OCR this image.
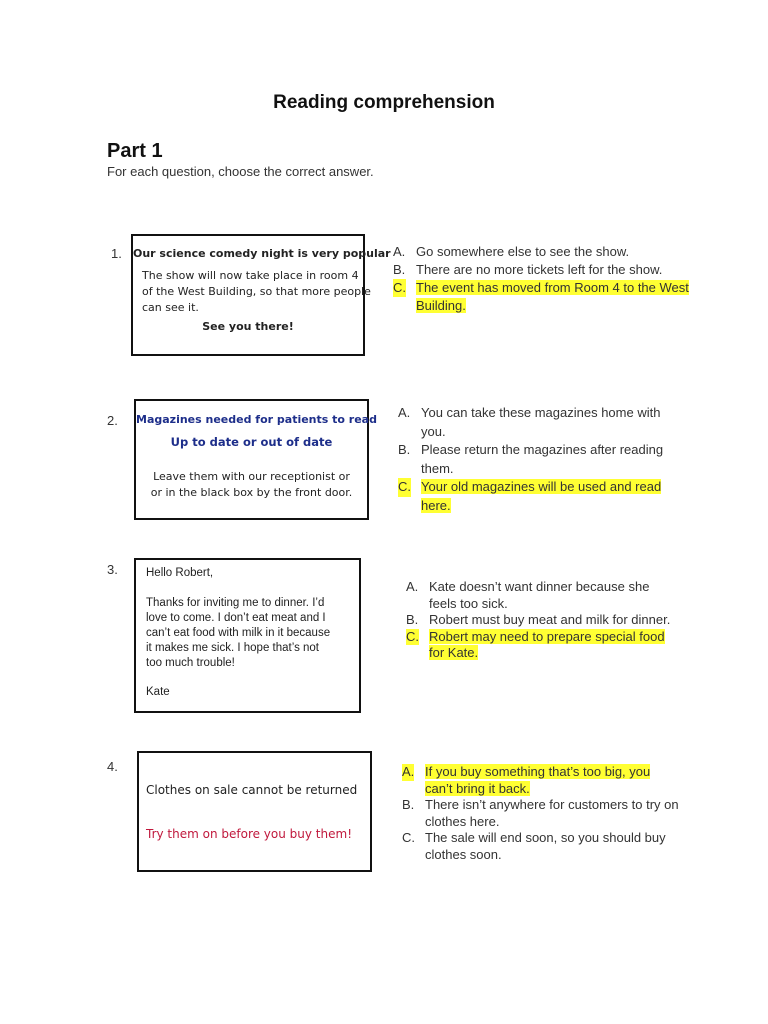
Reading comprehension
Part 1
For each question, choose the correct answer.
1. Our science comedy night is very popular
The show will now take place in room 4
of the West Building, so that more people
can see it.
See you there!
A. Go somewhere else to see the show.
B. There are no more tickets left for the show.
C. The event has moved from Room 4 to the West
Building.
2. Magazines needed for patients to read
Up to date or out of date
Leave them with our receptionist or
or in the black box by the front door.
A. You can take these magazines home with
you.
B. Please return the magazines after reading
them.
C. Your old magazines will be used and read
here.
3. Hello Robert,
Thanks for inviting me to dinner. I’d
love to come. I don’t eat meat and I
can’t eat food with milk in it because
it makes me sick. I hope that’s not
too much trouble!
Kate
A. Kate doesn’t want dinner because she
feels too sick.
B. Robert must buy meat and milk for dinner.
C. Robert may need to prepare special food
for Kate.
4.
Clothes on sale cannot be returned
Try them on before you buy them!
A. If you buy something that’s too big, you
can’t bring it back.
B. There isn’t anywhere for customers to try on
clothes here.
C. The sale will end soon, so you should buy
clothes soon.
